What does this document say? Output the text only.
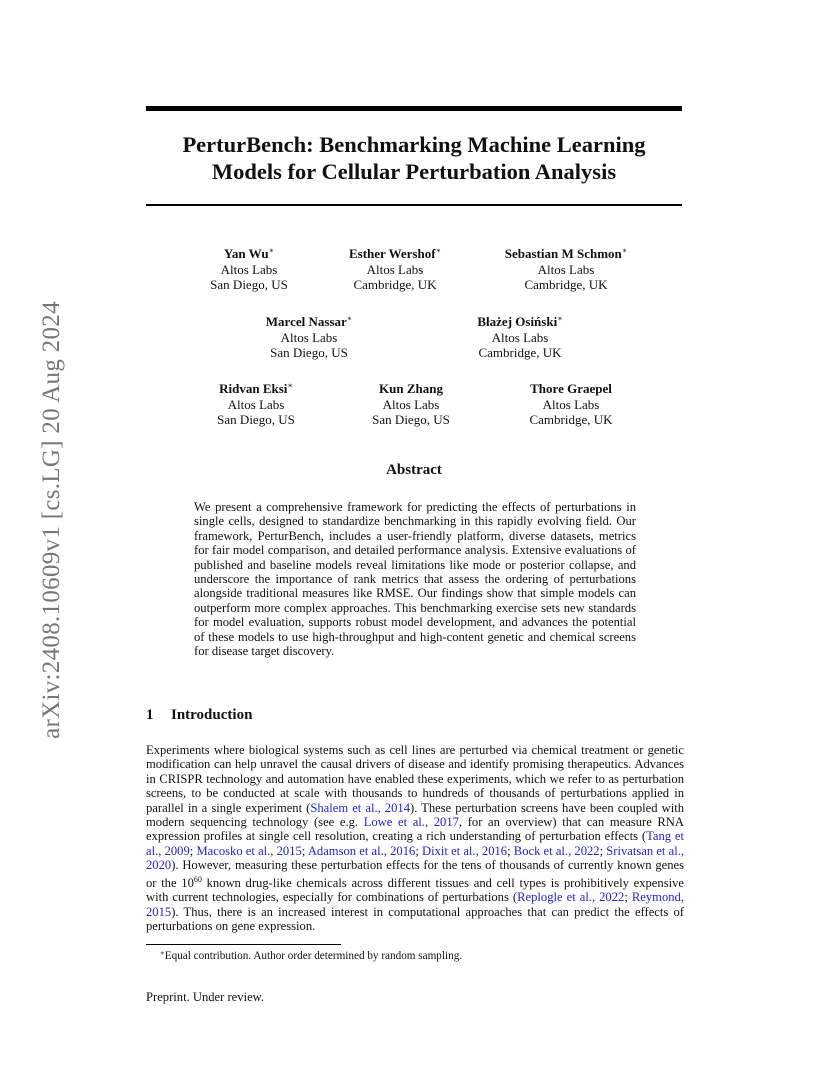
arXiv:2408.10609v1 [cs.LG] 20 Aug 2024
PerturBench: Benchmarking Machine Learning
Models for Cellular Perturbation Analysis
Yan Wu∗
Altos Labs
San Diego, US
Esther Wershof∗
Altos Labs
Cambridge, UK
Sebastian M Schmon∗
Altos Labs
Cambridge, UK
Marcel Nassar∗
Altos Labs
San Diego, US
Błażej Osiński∗
Altos Labs
Cambridge, UK
Ridvan Eksi∗
Altos Labs
San Diego, US
Kun Zhang
Altos Labs
San Diego, US
Thore Graepel
Altos Labs
Cambridge, UK
Abstract
We present a comprehensive framework for predicting the effects of perturbations in single cells, designed to standardize benchmarking in this rapidly evolving field. Our framework, PerturBench, includes a user-friendly platform, diverse datasets, metrics for fair model comparison, and detailed performance analysis. Extensive evaluations of published and baseline models reveal limitations like mode or posterior collapse, and underscore the importance of rank metrics that assess the ordering of perturbations alongside traditional measures like RMSE. Our findings show that simple models can outperform more complex approaches. This benchmarking exercise sets new standards for model evaluation, supports robust model development, and advances the potential of these models to use high-throughput and high-content genetic and chemical screens for disease target discovery.
1 Introduction
Experiments where biological systems such as cell lines are perturbed via chemical treatment or genetic modification can help unravel the causal drivers of disease and identify promising therapeutics. Advances in CRISPR technology and automation have enabled these experiments, which we refer to as perturbation screens, to be conducted at scale with thousands to hundreds of thousands of perturbations applied in parallel in a single experiment (Shalem et al., 2014). These perturbation screens have been coupled with modern sequencing technology (see e.g. Lowe et al., 2017, for an overview) that can measure RNA expression profiles at single cell resolution, creating a rich understanding of perturbation effects (Tang et al., 2009; Macosko et al., 2015; Adamson et al., 2016; Dixit et al., 2016; Bock et al., 2022; Srivatsan et al., 2020). However, measuring these perturbation effects for the tens of thousands of currently known genes or the $10^{60}$ known drug-like chemicals across different tissues and cell types is prohibitively expensive with current technologies, especially for combinations of perturbations (Replogle et al., 2022; Reymond, 2015). Thus, there is an increased interest in computational approaches that can predict the effects of perturbations on gene expression.
∗Equal contribution. Author order determined by random sampling.
Preprint. Under review.
